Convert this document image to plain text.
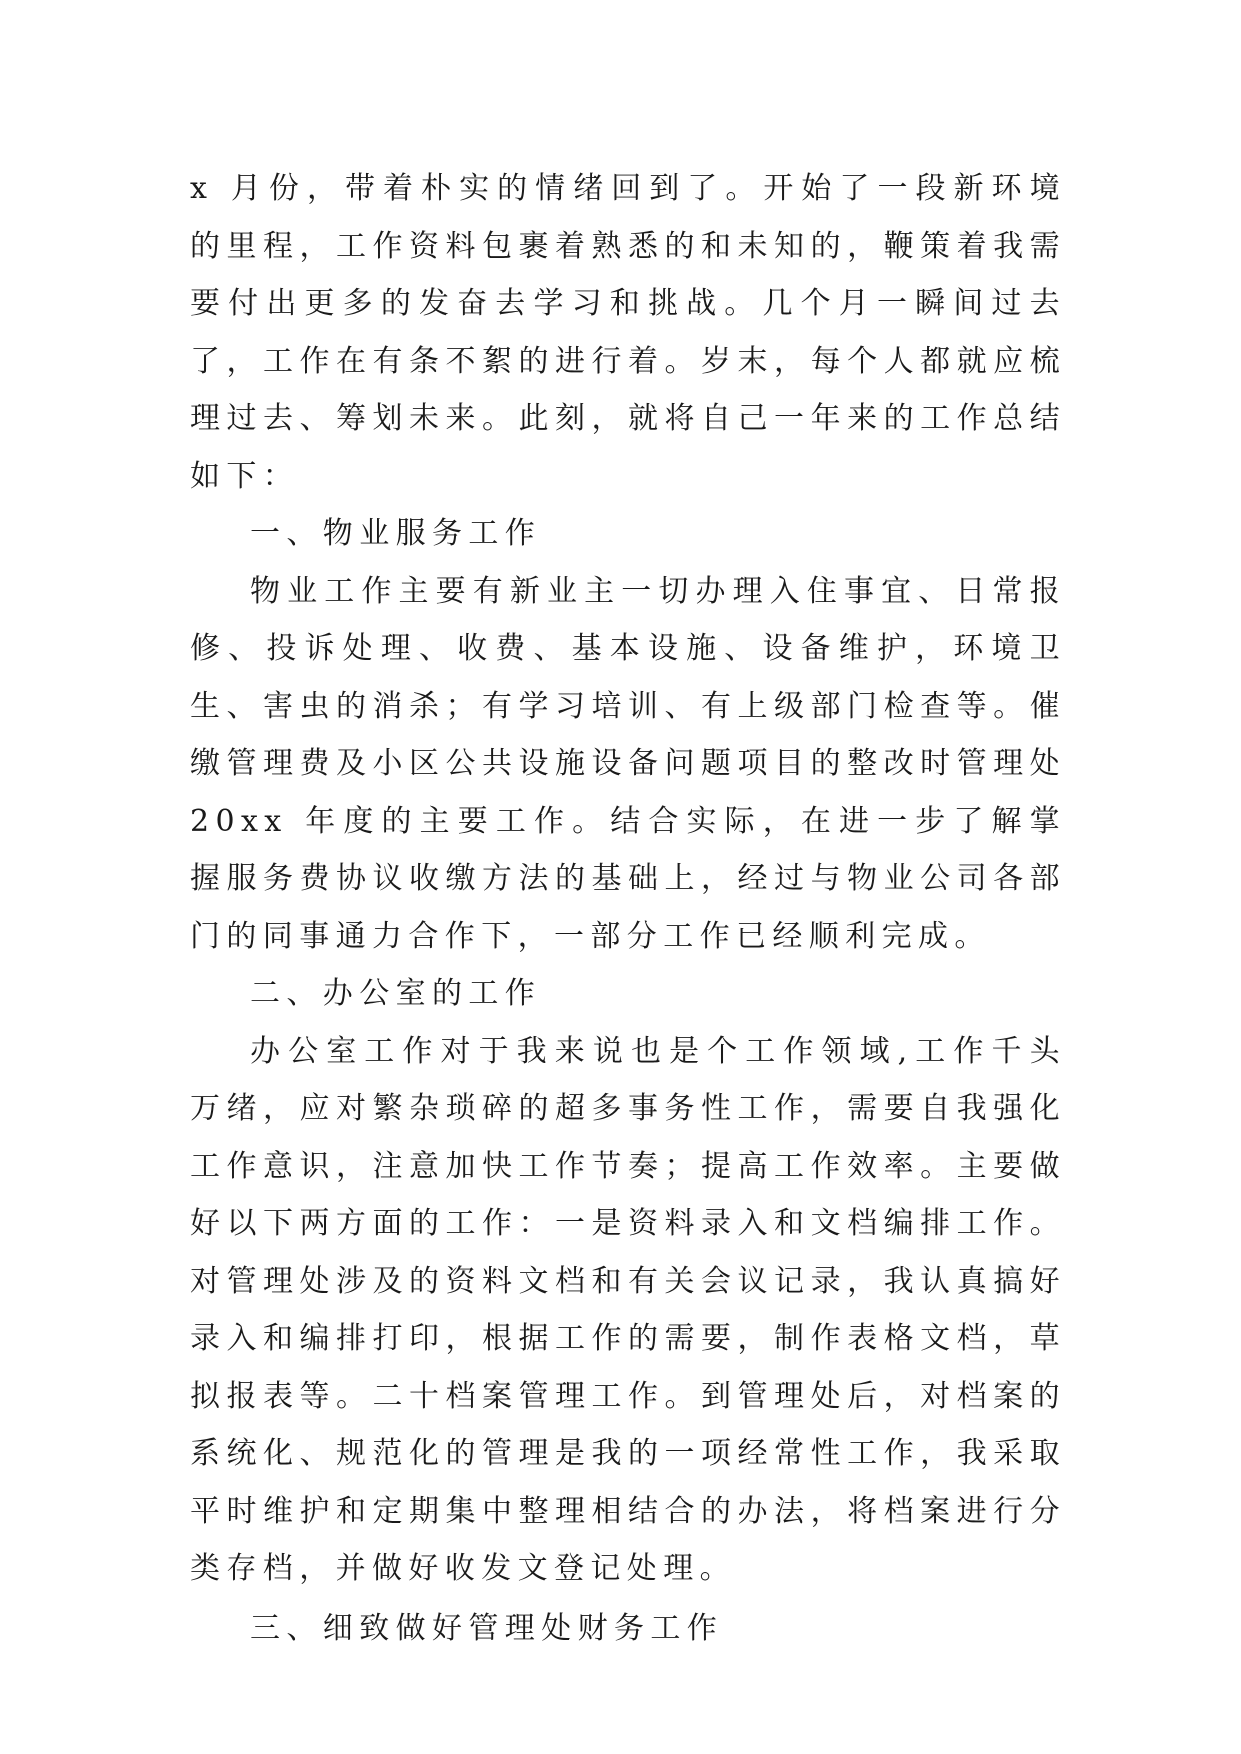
x 月份，带着朴实的情绪回到了。开始了一段新环境的里程，工作资料包裹着熟悉的和未知的，鞭策着我需要付出更多的发奋去学习和挑战。几个月一瞬间过去了，工作在有条不絮的进行着。岁末，每个人都就应梳理过去、筹划未来。此刻，就将自己一年来的工作总结如下：

一、物业服务工作

物业工作主要有新业主一切办理入住事宜、日常报修、投诉处理、收费、基本设施、设备维护，环境卫生、害虫的消杀；有学习培训、有上级部门检查等。催缴管理费及小区公共设施设备问题项目的整改时管理处 20xx 年度的主要工作。结合实际，在进一步了解掌握服务费协议收缴方法的基础上，经过与物业公司各部门的同事通力合作下，一部分工作已经顺利完成。

二、办公室的工作

办公室工作对于我来说也是个工作领域,工作千头万绪，应对繁杂琐碎的超多事务性工作，需要自我强化工作意识，注意加快工作节奏；提高工作效率。主要做好以下两方面的工作：一是资料录入和文档编排工作。对管理处涉及的资料文档和有关会议记录，我认真搞好录入和编排打印，根据工作的需要，制作表格文档，草拟报表等。二十档案管理工作。到管理处后，对档案的系统化、规范化的管理是我的一项经常性工作，我采取平时维护和定期集中整理相结合的办法，将档案进行分类存档，并做好收发文登记处理。

三、细致做好管理处财务工作
